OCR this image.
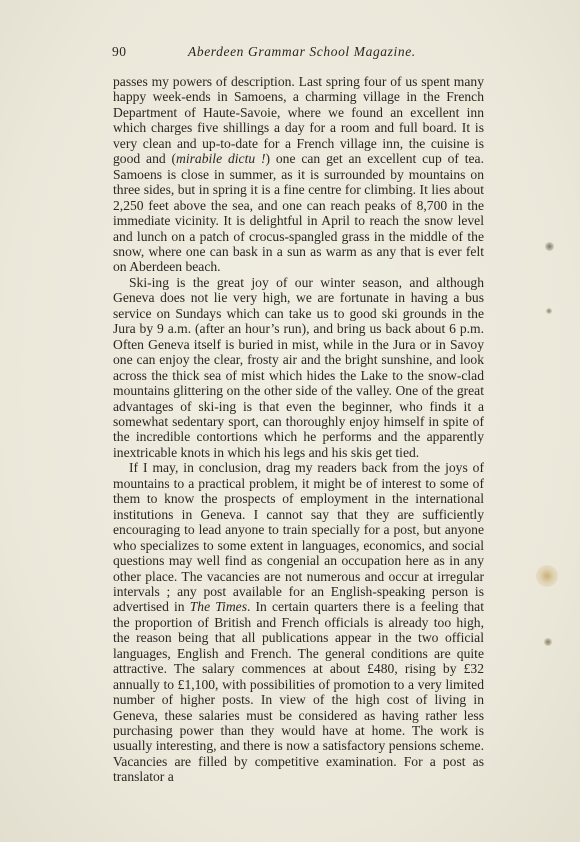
90	Aberdeen Grammar School Magazine.

passes my powers of description. Last spring four of us spent many happy week-ends in Samoens, a charming village in the French Department of Haute-Savoie, where we found an excellent inn which charges five shillings a day for a room and full board. It is very clean and up-to-date for a French village inn, the cuisine is good and (mirabile dictu !) one can get an excellent cup of tea. Samoens is close in summer, as it is surrounded by mountains on three sides, but in spring it is a fine centre for climbing. It lies about 2,250 feet above the sea, and one can reach peaks of 8,700 in the immediate vicinity. It is delightful in April to reach the snow level and lunch on a patch of crocus-spangled grass in the middle of the snow, where one can bask in a sun as warm as any that is ever felt on Aberdeen beach.

Ski-ing is the great joy of our winter season, and although Geneva does not lie very high, we are fortunate in having a bus service on Sundays which can take us to good ski grounds in the Jura by 9 a.m. (after an hour’s run), and bring us back about 6 p.m. Often Geneva itself is buried in mist, while in the Jura or in Savoy one can enjoy the clear, frosty air and the bright sunshine, and look across the thick sea of mist which hides the Lake to the snow-clad mountains glittering on the other side of the valley. One of the great advantages of ski-ing is that even the beginner, who finds it a somewhat sedentary sport, can thoroughly enjoy himself in spite of the incredible contortions which he performs and the apparently inextricable knots in which his legs and his skis get tied.

If I may, in conclusion, drag my readers back from the joys of mountains to a practical problem, it might be of interest to some of them to know the prospects of employment in the international institutions in Geneva. I cannot say that they are sufficiently encouraging to lead anyone to train specially for a post, but anyone who specializes to some extent in languages, economics, and social questions may well find as congenial an occupation here as in any other place. The vacancies are not numerous and occur at irregular intervals ; any post available for an English-speaking person is advertised in The Times. In certain quarters there is a feeling that the proportion of British and French officials is already too high, the reason being that all publications appear in the two official languages, English and French. The general conditions are quite attractive. The salary commences at about £480, rising by £32 annually to £1,100, with possibilities of promotion to a very limited number of higher posts. In view of the high cost of living in Geneva, these salaries must be considered as having rather less purchasing power than they would have at home. The work is usually interesting, and there is now a satisfactory pensions scheme. Vacancies are filled by competitive examination. For a post as translator a
